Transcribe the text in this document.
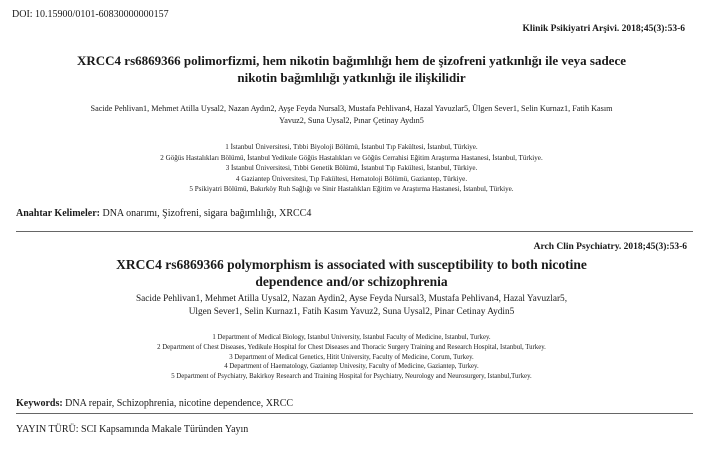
DOI: 10.15900/0101-60830000000157
Klinik Psikiyatri Arşivi. 2018;45(3):53-6
XRCC4 rs6869366 polimorfizmi, hem nikotin bağımlılığı hem de şizofreni yatkınlığı ile veya sadece
nikotin bağımlılığı yatkınlığı ile ilişkilidir
Sacide Pehlivan1, Mehmet Atilla Uysal2, Nazan Aydın2, Ayşe Feyda Nursal3, Mustafa Pehlivan4, Hazal Yavuzlar5, Ülgen Sever1, Selin Kurnaz1, Fatih Kasım
Yavuz2, Suna Uysal2, Pınar Çetinay Aydın5
1 İstanbul Üniversitesi, Tıbbi Biyoloji Bölümü, İstanbul Tıp Fakültesi, İstanbul, Türkiye.
2 Göğüs Hastalıkları Bölümü, İstanbul Yedikule Göğüs Hastalıkları ve Göğüs Cerrahisi Eğitim Araştırma Hastanesi, İstanbul, Türkiye.
3 İstanbul Üniversitesi, Tıbbi Genetik Bölümü, İstanbul Tıp Fakültesi, İstanbul, Türkiye.
4 Gaziantep Üniversitesi, Tıp Fakültesi, Hematoloji Bölümü, Gaziantep, Türkiye.
5 Psikiyatri Bölümü, Bakırköy Ruh Sağlığı ve Sinir Hastalıkları Eğitim ve Araştırma Hastanesi, İstanbul, Türkiye.
Anahtar Kelimeler: DNA onarımı, Şizofreni, sigara bağımlılığı, XRCC4
Arch Clin Psychiatry. 2018;45(3):53-6
XRCC4 rs6869366 polymorphism is associated with susceptibility to both nicotine
dependence and/or schizophrenia
Sacide Pehlivan1, Mehmet Atilla Uysal2, Nazan Aydin2, Ayse Feyda Nursal3, Mustafa Pehlivan4, Hazal Yavuzlar5,
Ulgen Sever1, Selin Kurnaz1, Fatih Kasım Yavuz2, Suna Uysal2, Pinar Cetinay Aydin5
1 Department of Medical Biology, Istanbul University, Istanbul Faculty of Medicine, Istanbul, Turkey.
2 Department of Chest Diseases, Yedikule Hospital for Chest Diseases and Thoracic Surgery Training and Research Hospital, Istanbul, Turkey.
3 Department of Medical Genetics, Hitit University, Faculty of Medicine, Corum, Turkey.
4 Department of Haematology, Gaziantep Univesity, Faculty of Medicine, Gaziantep, Turkey.
5 Department of Psychiatry, Bakirkoy Research and Training Hospital for Psychiatry, Neurology and Neurosurgery, Istanbul,Turkey.
Keywords: DNA repair, Schizophrenia, nicotine dependence, XRCC
YAYIN TÜRÜ: SCI Kapsamında Makale Türünden Yayın
